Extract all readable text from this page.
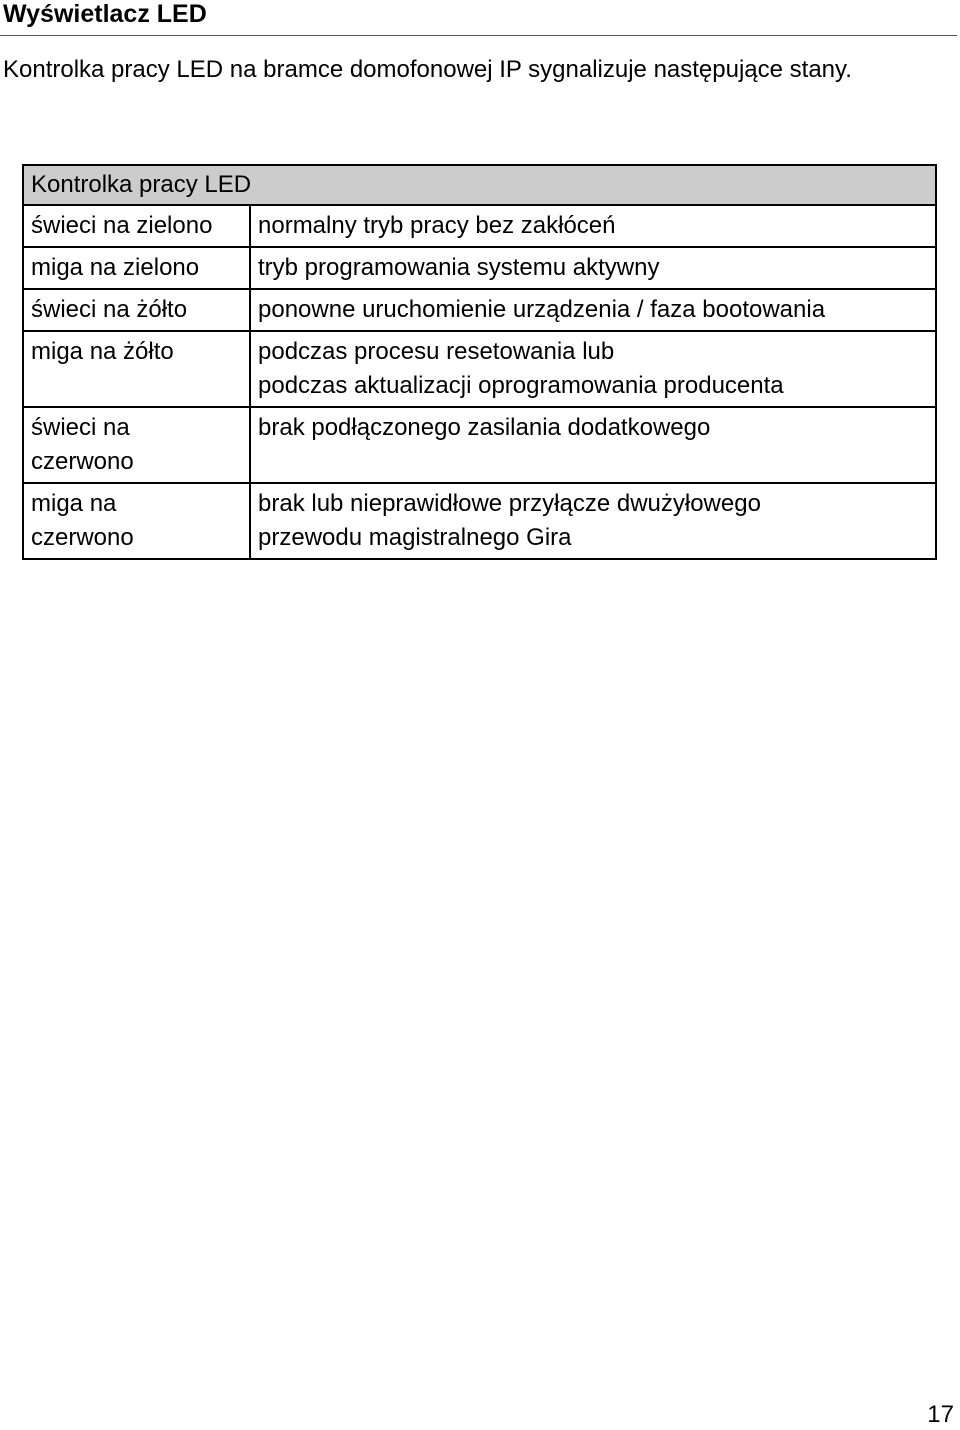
Wyświetlacz LED
Kontrolka pracy LED na bramce domofonowej IP sygnalizuje następujące stany.
Kontrolka pracy LED	

świeci na zielono	normalny tryb pracy bez zakłóceń

miga na zielono	tryb programowania systemu aktywny

świeci na żółto	ponowne uruchomienie urządzenia / faza bootowania

miga na żółto	podczas procesu resetowania lub
podczas aktualizacji oprogramowania producenta

świeci na
czerwono	brak podłączonego zasilania dodatkowego

miga na
czerwono	brak lub nieprawidłowe przyłącze dwużyłowego
przewodu magistralnego Gira
17
